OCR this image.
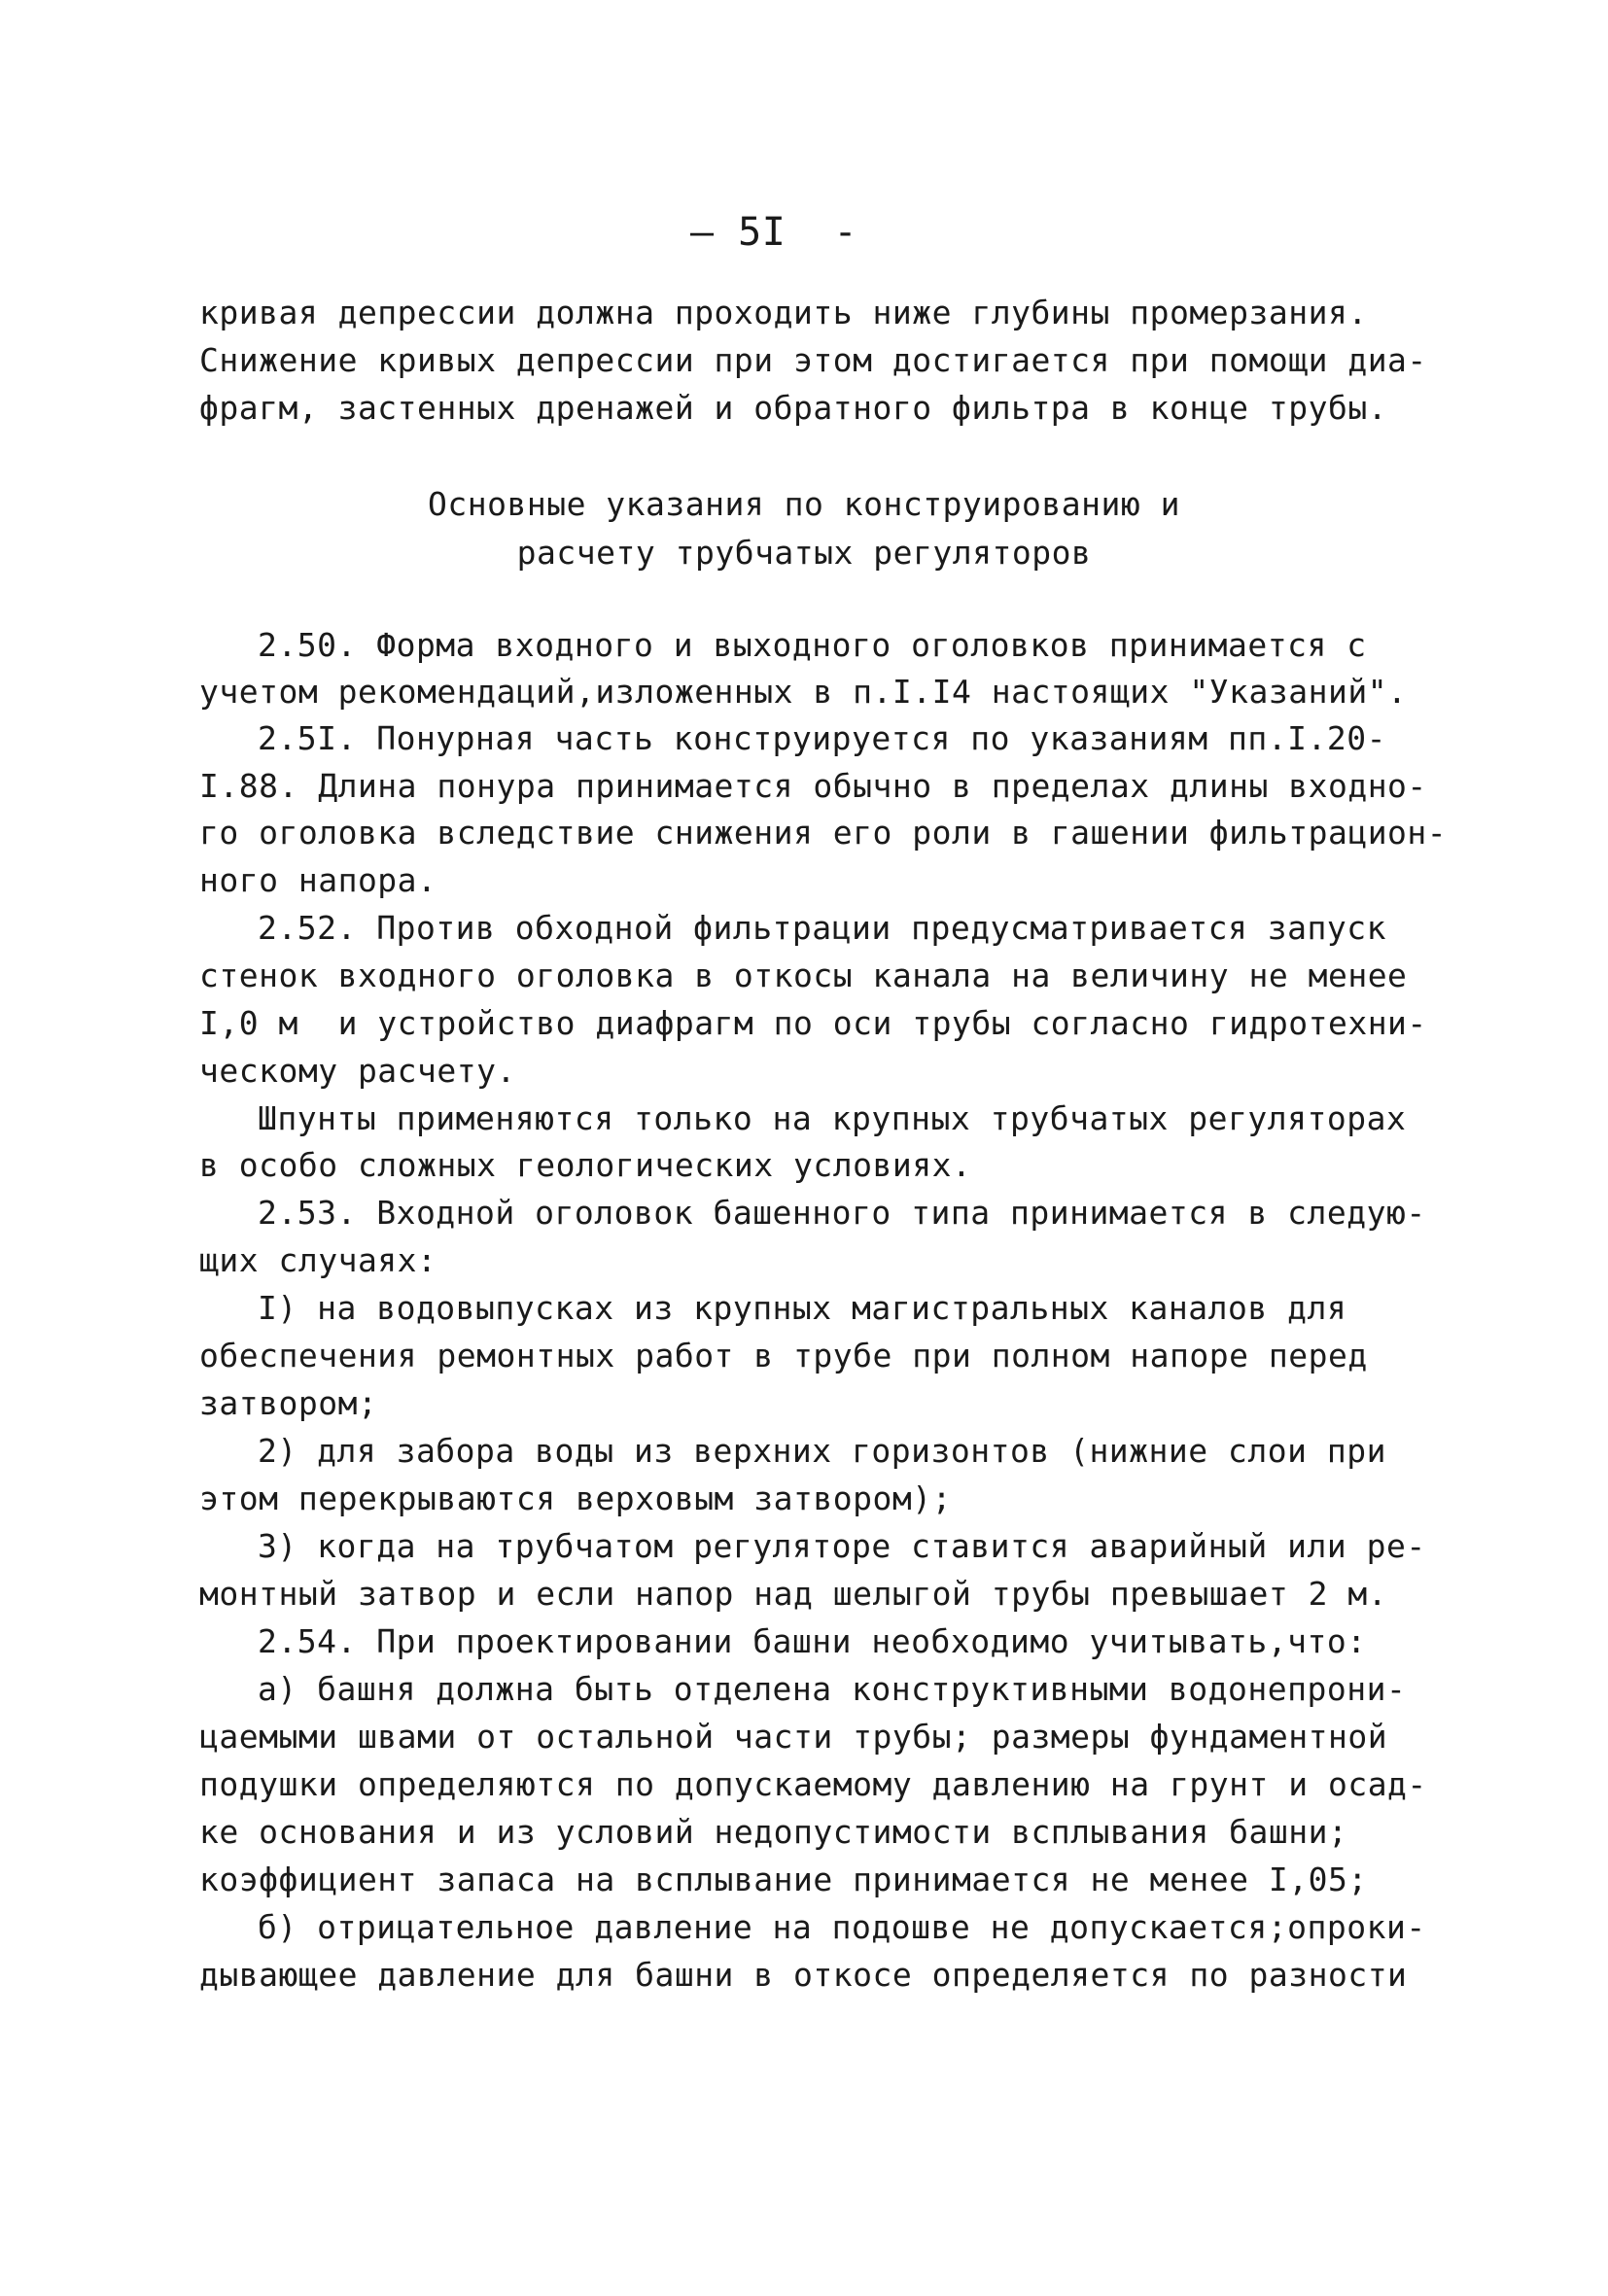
— 5I  -
кривая депрессии должна проходить ниже глубины промерзания.
Снижение кривых депрессии при этом достигается при помощи диа-
фрагм, застенных дренажей и обратного фильтра в конце трубы.
Основные указания по конструированию и
расчету трубчатых регуляторов
2.50. Форма входного и выходного оголовков принимается с
учетом рекомендаций,изложенных в п.I.I4 настоящих "Указаний".
2.5I. Понурная часть конструируется по указаниям пп.I.20-
I.88. Длина понура принимается обычно в пределах длины входно-
го оголовка вследствие снижения его роли в гашении фильтрацион-
ного напора.
2.52. Против обходной фильтрации предусматривается запуск
стенок входного оголовка в откосы канала на величину не менее
I,0 м  и устройство диафрагм по оси трубы согласно гидротехни-
ческому расчету.
Шпунты применяются только на крупных трубчатых регуляторах
в особо сложных геологических условиях.
2.53. Входной оголовок башенного типа принимается в следую-
щих случаях:
I) на водовыпусках из крупных магистральных каналов для
обеспечения ремонтных работ в трубе при полном напоре перед
затвором;
2) для забора воды из верхних горизонтов (нижние слои при
этом перекрываются верховым затвором);
3) когда на трубчатом регуляторе ставится аварийный или ре-
монтный затвор и если напор над шелыгой трубы превышает 2 м.
2.54. При проектировании башни необходимо учитывать,что:
а) башня должна быть отделена конструктивными водонепрони-
цаемыми швами от остальной части трубы; размеры фундаментной
подушки определяются по допускаемому давлению на грунт и осад-
ке основания и из условий недопустимости всплывания башни;
коэффициент запаса на всплывание принимается не менее I,05;
б) отрицательное давление на подошве не допускается;опроки-
дывающее давление для башни в откосе определяется по разности
